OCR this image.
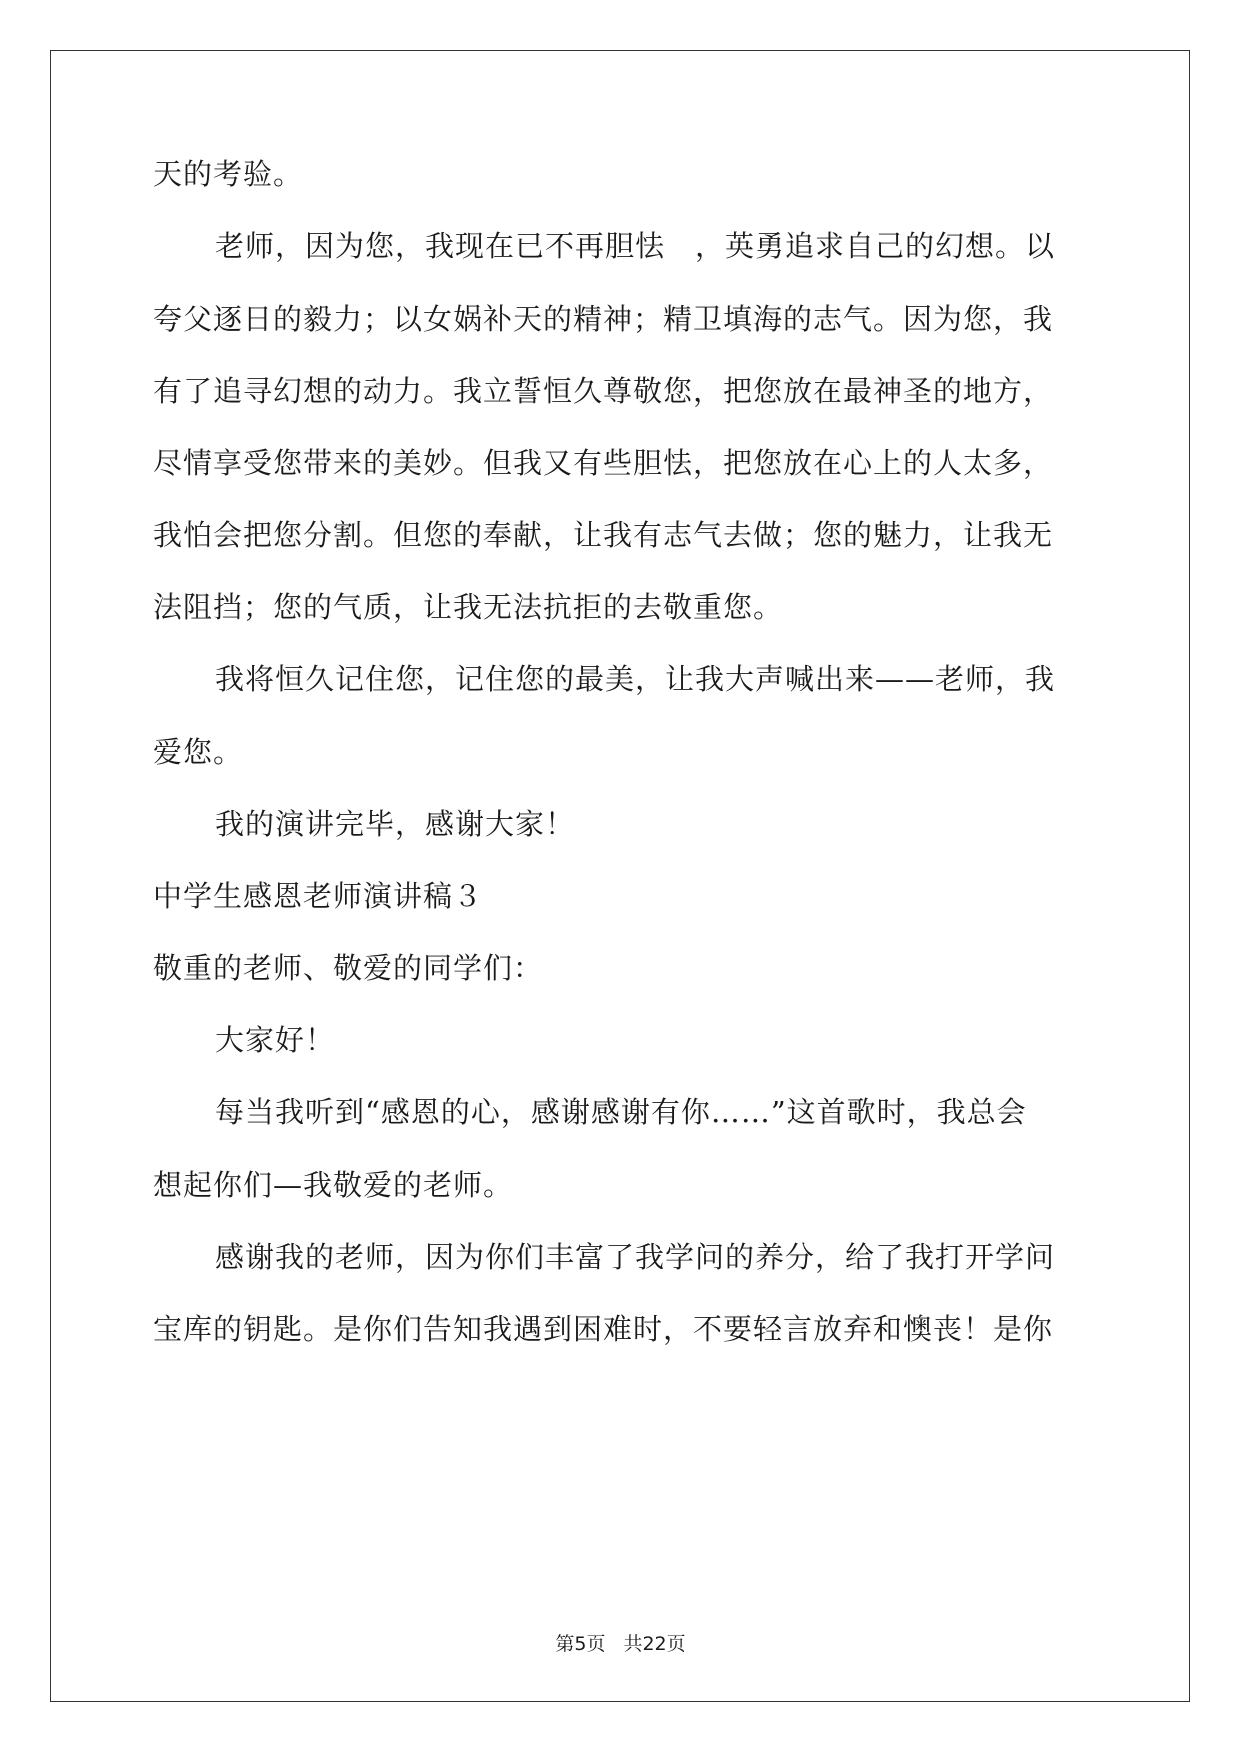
天的考验。
老师，因为您，我现在已不再胆怯　，英勇追求自己的幻想。以
夸父逐日的毅力；以女娲补天的精神；精卫填海的志气。因为您，我
有了追寻幻想的动力。我立誓恒久尊敬您，把您放在最神圣的地方，
尽情享受您带来的美妙。但我又有些胆怯，把您放在心上的人太多，
我怕会把您分割。但您的奉献，让我有志气去做；您的魅力，让我无
法阻挡；您的气质，让我无法抗拒的去敬重您。
我将恒久记住您，记住您的最美，让我大声喊出来——老师，我
爱您。
我的演讲完毕，感谢大家！
中学生感恩老师演讲稿３
敬重的老师、敬爱的同学们：
大家好！
每当我听到“感恩的心，感谢感谢有你……”这首歌时，我总会
想起你们—我敬爱的老师。
感谢我的老师，因为你们丰富了我学问的养分，给了我打开学问
宝库的钥匙。是你们告知我遇到困难时，不要轻言放弃和懊丧！是你
第5页 共22页
